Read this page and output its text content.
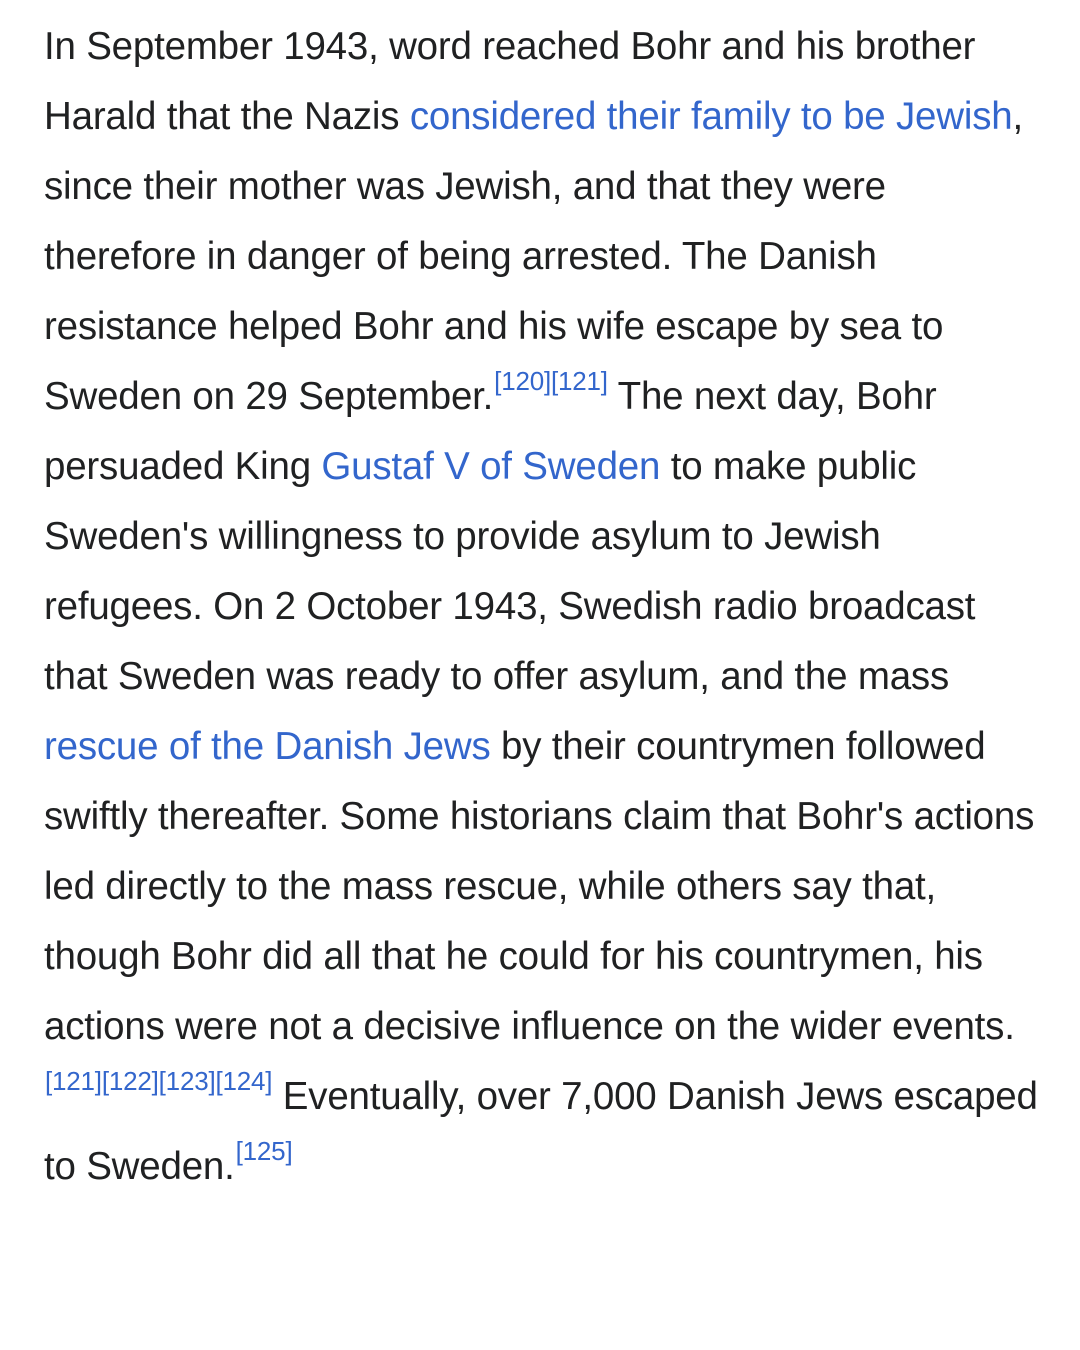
In September 1943, word reached Bohr and his brother Harald that the Nazis considered their family to be Jewish, since their mother was Jewish, and that they were therefore in danger of being arrested. The Danish resistance helped Bohr and his wife escape by sea to Sweden on 29 September.[120][121] The next day, Bohr persuaded King Gustaf V of Sweden to make public Sweden's willingness to provide asylum to Jewish refugees. On 2 October 1943, Swedish radio broadcast that Sweden was ready to offer asylum, and the mass rescue of the Danish Jews by their countrymen followed swiftly thereafter. Some historians claim that Bohr's actions led directly to the mass rescue, while others say that, though Bohr did all that he could for his countrymen, his actions were not a decisive influence on the wider events.[121][122][123][124] Eventually, over 7,000 Danish Jews escaped to Sweden.[125]
